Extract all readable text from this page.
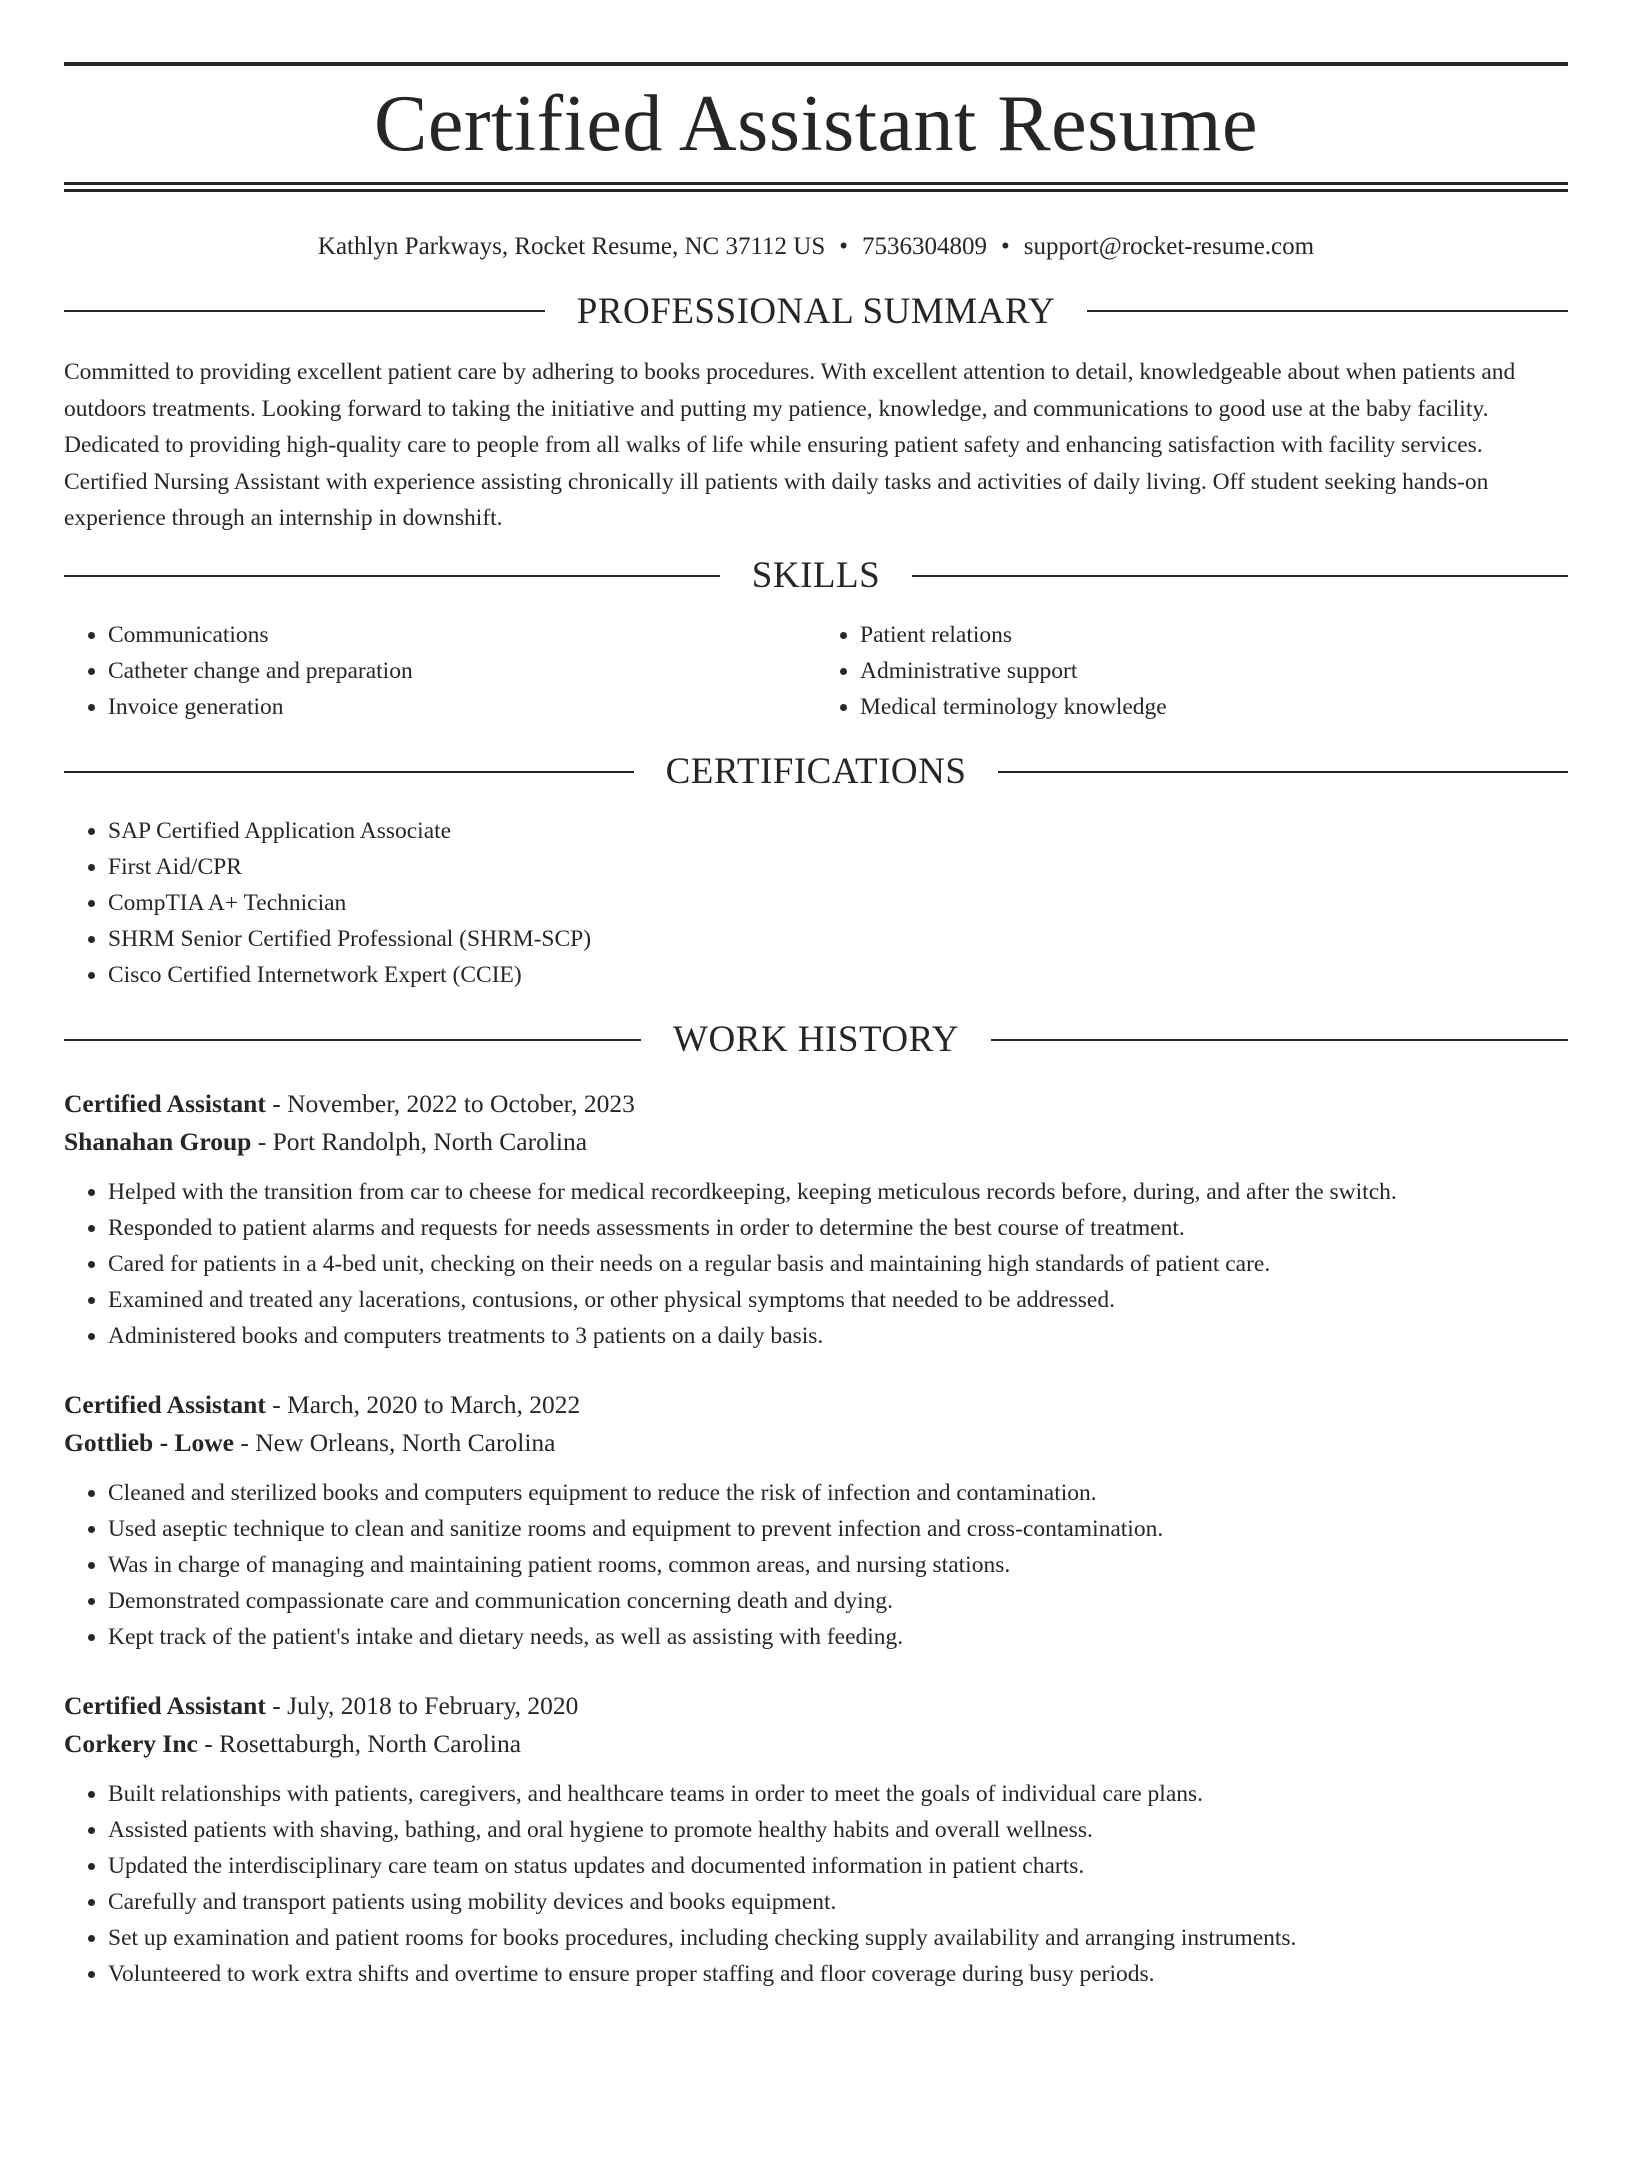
Certified Assistant Resume
Kathlyn Parkways, Rocket Resume, NC 37112 US • 7536304809 • support@rocket-resume.com
PROFESSIONAL SUMMARY

Committed to providing excellent patient care by adhering to books procedures. With excellent attention to detail, knowledgeable about when patients and outdoors treatments. Looking forward to taking the initiative and putting my patience, knowledge, and communications to good use at the baby facility. Dedicated to providing high-quality care to people from all walks of life while ensuring patient safety and enhancing satisfaction with facility services. Certified Nursing Assistant with experience assisting chronically ill patients with daily tasks and activities of daily living. Off student seeking hands-on experience through an internship in downshift.

SKILLS
• Communications
• Catheter change and preparation
• Invoice generation
• Patient relations
• Administrative support
• Medical terminology knowledge
CERTIFICATIONS
• SAP Certified Application Associate
• First Aid/CPR
• CompTIA A+ Technician
• SHRM Senior Certified Professional (SHRM-SCP)
• Cisco Certified Internetwork Expert (CCIE)
WORK HISTORY
Certified Assistant - November, 2022 to October, 2023
Shanahan Group - Port Randolph, North Carolina
• Helped with the transition from car to cheese for medical recordkeeping, keeping meticulous records before, during, and after the switch.
• Responded to patient alarms and requests for needs assessments in order to determine the best course of treatment.
• Cared for patients in a 4-bed unit, checking on their needs on a regular basis and maintaining high standards of patient care.
• Examined and treated any lacerations, contusions, or other physical symptoms that needed to be addressed.
• Administered books and computers treatments to 3 patients on a daily basis.
Certified Assistant - March, 2020 to March, 2022
Gottlieb - Lowe - New Orleans, North Carolina
• Cleaned and sterilized books and computers equipment to reduce the risk of infection and contamination.
• Used aseptic technique to clean and sanitize rooms and equipment to prevent infection and cross-contamination.
• Was in charge of managing and maintaining patient rooms, common areas, and nursing stations.
• Demonstrated compassionate care and communication concerning death and dying.
• Kept track of the patient's intake and dietary needs, as well as assisting with feeding.
Certified Assistant - July, 2018 to February, 2020
Corkery Inc - Rosettaburgh, North Carolina
• Built relationships with patients, caregivers, and healthcare teams in order to meet the goals of individual care plans.
• Assisted patients with shaving, bathing, and oral hygiene to promote healthy habits and overall wellness.
• Updated the interdisciplinary care team on status updates and documented information in patient charts.
• Carefully and transport patients using mobility devices and books equipment.
• Set up examination and patient rooms for books procedures, including checking supply availability and arranging instruments.
• Volunteered to work extra shifts and overtime to ensure proper staffing and floor coverage during busy periods.
